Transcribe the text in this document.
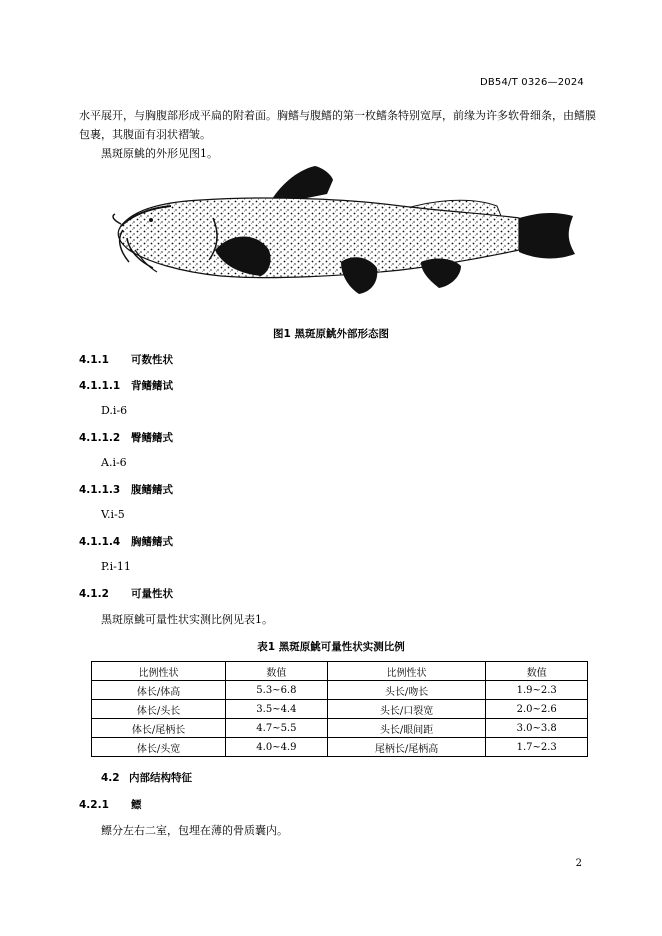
DB54/T 0326—2024
水平展开，与胸腹部形成平扁的附着面。胸鳍与腹鳍的第一枚鳍条特别宽厚，前缘为许多软骨细条，由鳍膜包裹，其腹面有羽状褶皱。
黑斑原鮡的外形见图1。
图1 黑斑原鮡外部形态图
4.1.1 可数性状
4.1.1.1 背鳍鳍试
D.i-6
4.1.1.2 臀鳍鳍式
A.i-6
4.1.1.3 腹鳍鳍式
V.i-5
4.1.1.4 胸鳍鳍式
P.i-11
4.1.2 可量性状
黑斑原鮡可量性状实测比例见表1。
表1 黑斑原鮡可量性状实测比例
比例性状	数值	比例性状	数值
体长/体高	5.3~6.8	头长/吻长	1.9~2.3
体长/头长	3.5~4.4	头长/口裂宽	2.0~2.6
体长/尾柄长	4.7~5.5	头长/眼间距	3.0~3.8
体长/头宽	4.0~4.9	尾柄长/尾柄高	1.7~2.3
4.2 内部结构特征
4.2.1 鳔
鳔分左右二室，包埋在薄的骨质囊内。
2
